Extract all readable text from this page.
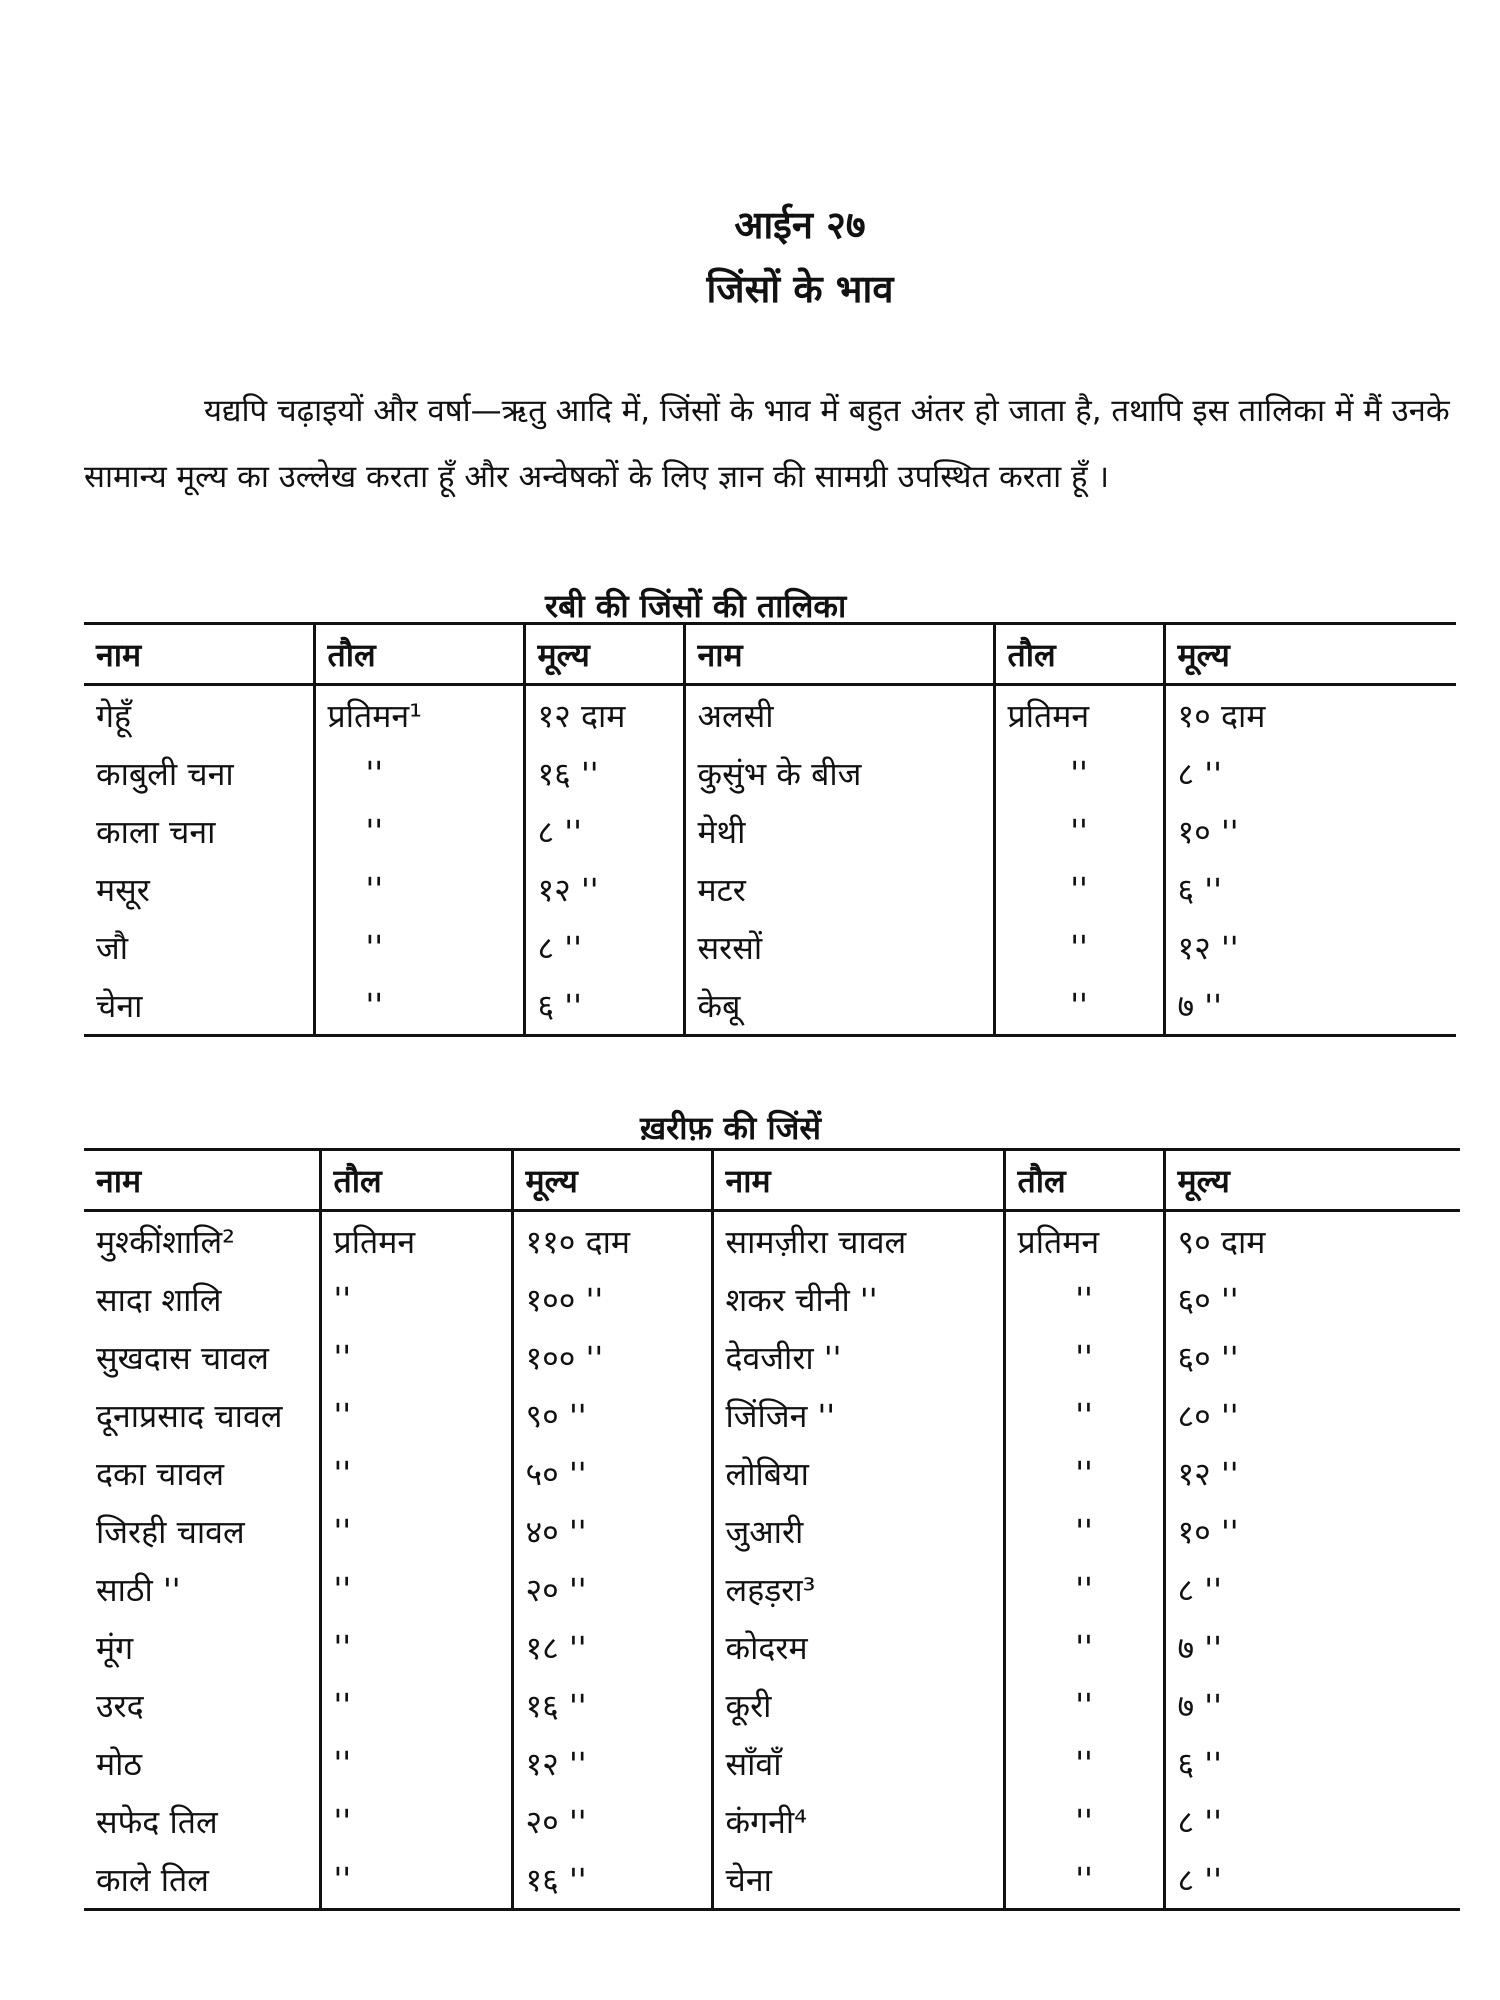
आईन २७
जिंसों के भाव
यद्यपि चढ़ाइयों और वर्षा—ऋतु आदि में, जिंसों के भाव में बहुत अंतर हो जाता है, तथापि इस तालिका में मैं उनके सामान्य मूल्य का उल्लेख करता हूँ और अन्वेषकों के लिए ज्ञान की सामग्री उपस्थित करता हूँ ।
रबी की जिंसों की तालिका
नाम	तौल	मूल्य	नाम	तौल	मूल्य
गेहूँ	प्रतिमन¹	१२ दाम	अलसी	प्रतिमन	१० दाम
काबुली चना	''	१६ ''	कुसुंभ के बीज	''	८ ''
काला चना	''	८ ''	मेथी	''	१० ''
मसूर	''	१२ ''	मटर	''	६ ''
जौ	''	८ ''	सरसों	''	१२ ''
चेना	''	६ ''	केबू	''	७ ''
ख़रीफ़ की जिंसें
नाम	तौल	मूल्य	नाम	तौल	मूल्य
मुश्कींशालि²	प्रतिमन	११० दाम	सामज़ीरा चावल	प्रतिमन	९० दाम
सादा शालि	''	१०० ''	शकर चीनी ''	''	६० ''
सुखदास चावल	''	१०० ''	देवजीरा ''	''	६० ''
दूनाप्रसाद चावल	''	९० ''	जिंजिन ''	''	८० ''
दका चावल	''	५० ''	लोबिया	''	१२ ''
जिरही चावल	''	४० ''	जुआरी	''	१० ''
साठी ''	''	२० ''	लहड़रा³	''	८ ''
मूंग	''	१८ ''	कोदरम	''	७ ''
उरद	''	१६ ''	कूरी	''	७ ''
मोठ	''	१२ ''	साँवाँ	''	६ ''
सफेद तिल	''	२० ''	कंगनी⁴	''	८ ''
काले तिल	''	१६ ''	चेना	''	८ ''
